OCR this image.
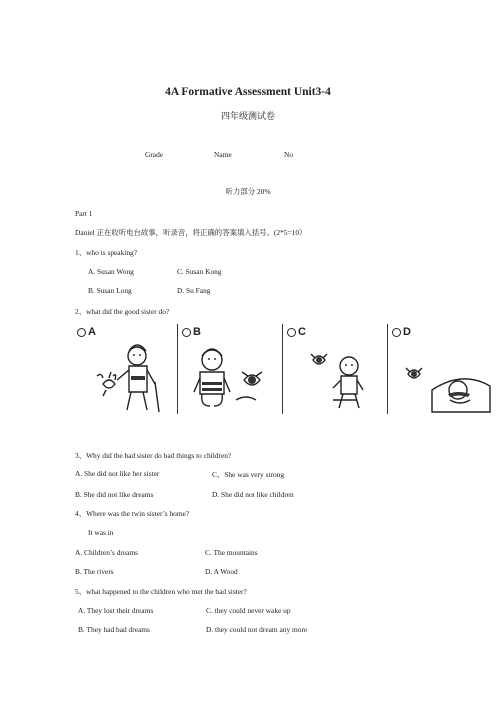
4A Formative Assessment Unit3-4
四年级测试卷
Grade	Name	No
听力部分 20%
Part 1
Daniel 正在收听电台故事，听录音，将正确的答案填入括号。(2*5=10）
1、who is speaking?
A. Susan Wong	C. Susan Kong
B. Susan Long	D. Su Fang
2、what did the good sister do?
A	B	C	D
3、Why did the bad sister do bad things to children?
A. She did not like her sister	C、She was very strong
B. She did not like dreams	D. She did not like children
4、Where was the twin sister’s home?
It was in
A. Children’s dreams	C. The mountains
B. The rivers	D. A Wood
5、what happened to the children who met the bad sister?
A. They lost their dreams	C. they could never wake up
B. They had bad dreams	D. they could not dream any more
